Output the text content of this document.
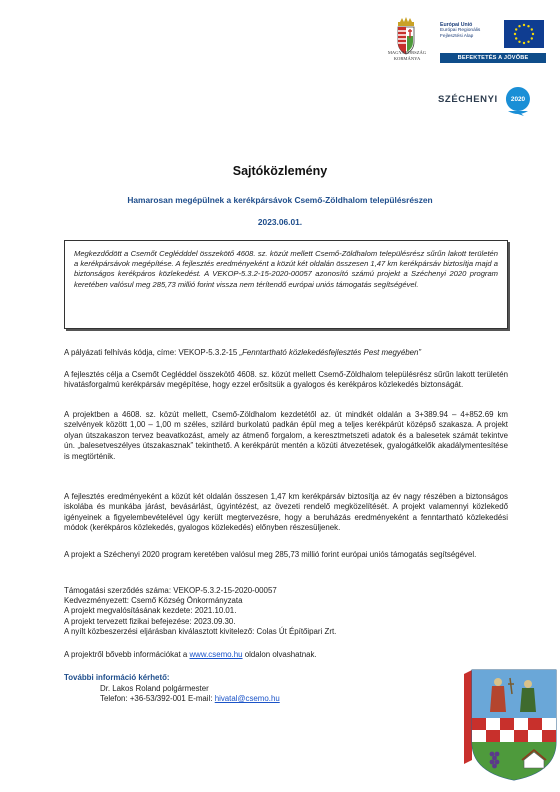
MAGYARORSZÁG
KORMÁNYA
Európai Unió
Európai Regionális
Fejlesztési Alap
BEFEKTETÉS A JÖVŐBE
SZÉCHENYI	2020
Sajtóközlemény
Hamarosan megépülnek a kerékpársávok Csemő-Zöldhalom településrészen
2023.06.01.

Megkezdődött a Csemőt Ceglédddel összekötő 4608. sz. közút mellett Csemő-Zöldhalom településrész sűrűn lakott területén a kerékpársávok megépítése. A fejlesztés eredményeként a közút két oldalán összesen 1,47 km kerékpársáv biztosítja majd a biztonságos kerékpáros közlekedést. A VEKOP-5.3.2-15-2020-00057 azonosító számú projekt a Széchenyi 2020 program keretében valósul meg 285,73 millió forint vissza nem térítendő európai uniós támogatás segítségével.

A pályázati felhívás kódja, címe: VEKOP-5.3.2-15 „Fenntartható közlekedésfejlesztés Pest megyében”
A fejlesztés célja a Csemőt Cegléddel összekötő 4608. sz. közút mellett Csemő-Zöldhalom településrész sűrűn lakott területén hivatásforgalmú kerékpársáv megépítése, hogy ezzel erősítsük a gyalogos és kerékpáros közlekedés biztonságát.
A projektben a 4608. sz. közút mellett, Csemő-Zöldhalom kezdetétől az. út mindkét oldalán a 3+389.94 – 4+852.69 km szelvények között 1,00 – 1,00 m széles, szilárd burkolatú padkán épül meg a teljes kerékpárút középső szakasza. A projekt olyan útszakaszon tervez beavatkozást, amely az átmenő forgalom, a keresztmetszeti adatok és a balesetek számát tekintve ún. „balesetveszélyes útszakasznak” tekinthető. A kerékpárút mentén a közúti átvezetések, gyalogátkelők akadálymentesítése is megtörténik.
A fejlesztés eredményeként a közút két oldalán összesen 1,47 km kerékpársáv biztosítja az év nagy részében a biztonságos iskolába és munkába járást, bevásárlást, ügyintézést, az övezeti rendelő megközelítését. A projekt valamennyi közlekedő igényeinek a figyelembevételével úgy került megtervezésre, hogy a beruházás eredményeként a fenntartható közlekedési módok (kerékpáros közlekedés, gyalogos közlekedés) előnyben részesüljenek.
A projekt a Széchenyi 2020 program keretében valósul meg 285,73 millió forint európai uniós támogatás segítségével.
Támogatási szerződés száma: VEKOP-5.3.2-15-2020-00057
Kedvezményezett: Csemő Község Önkormányzata
A projekt megvalósításának kezdete: 2021.10.01.
A projekt tervezett fizikai befejezése: 2023.09.30.
A nyílt közbeszerzési eljárásban kiválasztott kivitelező: Colas Út Építőipari Zrt.
A projektről bővebb információkat a www.csemo.hu oldalon olvashatnak.
További információ kérhető:
Dr. Lakos Roland polgármester
Telefon: +36-53/392-001 E-mail: hivatal@csemo.hu
